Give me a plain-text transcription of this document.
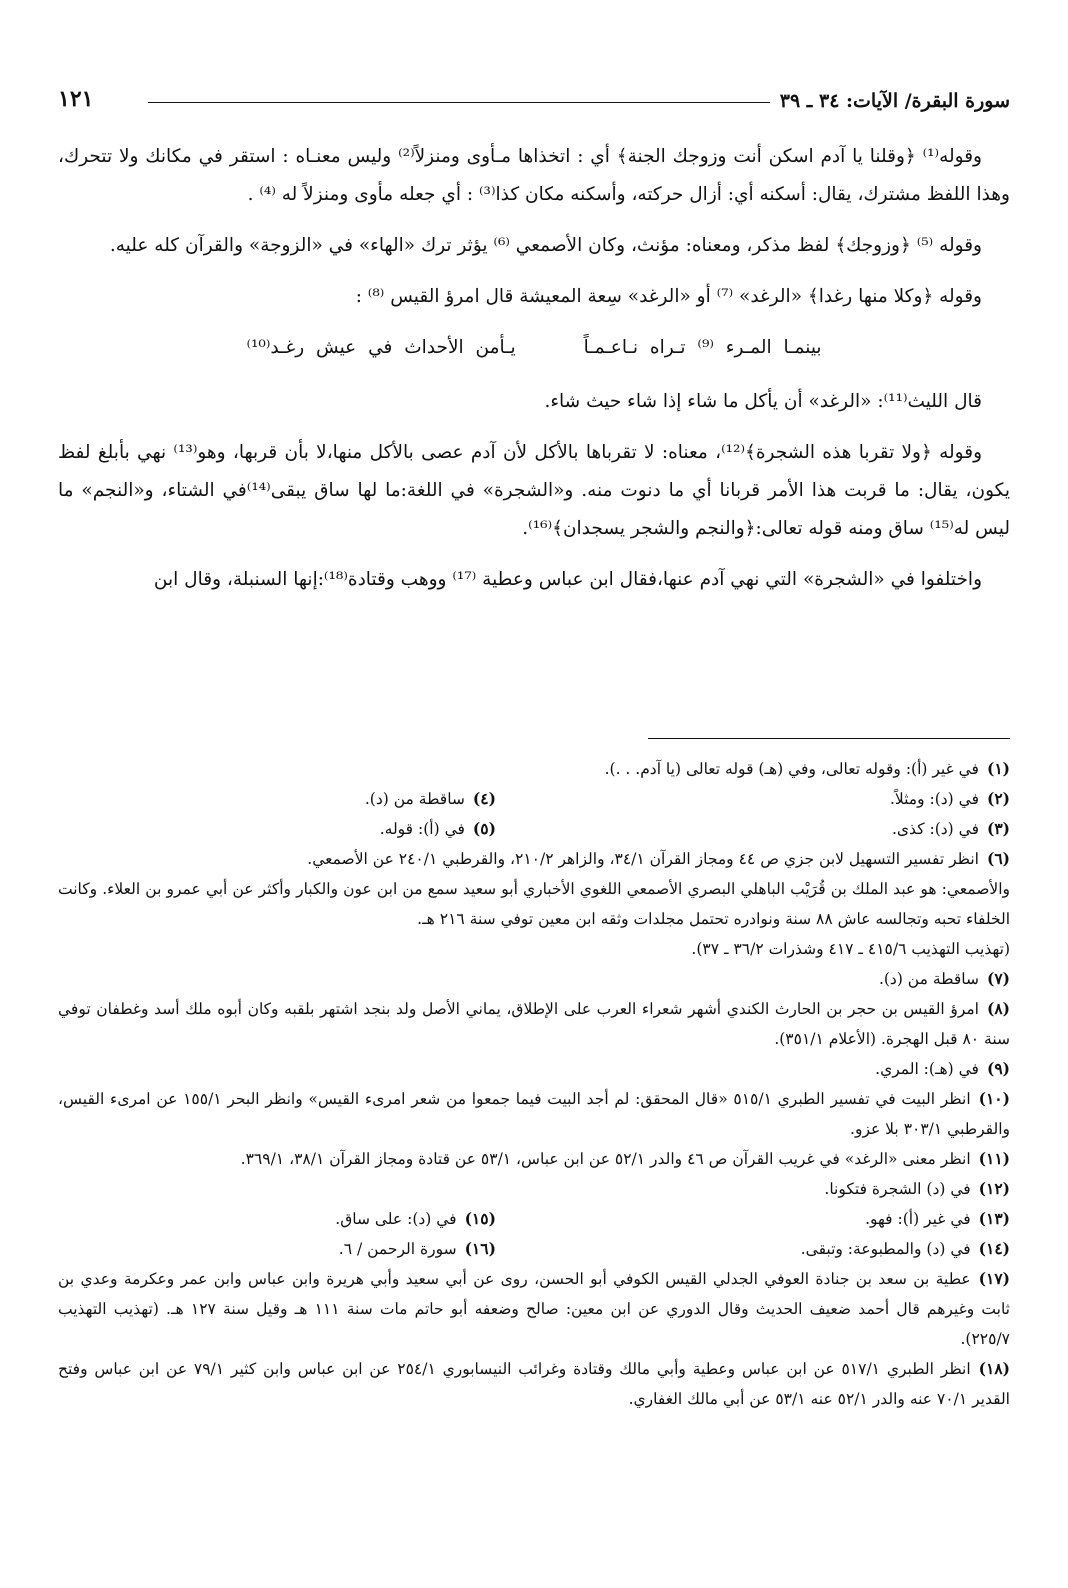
سورة البقرة/ الآيات: ٣٤ ـ ٣٩
١٢١

وقوله⁽¹⁾ ﴿وقلنا يا آدم اسكن أنت وزوجك الجنة﴾ أي : اتخذاها مـأوى ومنزلاً⁽²⁾ وليس معنـاه : استقر في مكانك ولا تتحرك، وهذا اللفظ مشترك، يقال: أسكنه أي: أزال حركته، وأسكنه مكان كذا⁽³⁾ : أي جعله مأوى ومنزلاً له ⁽⁴⁾ .

وقوله ⁽⁵⁾ ﴿وزوجك﴾ لفظ مذكر، ومعناه: مؤنث، وكان الأصمعي ⁽⁶⁾ يؤثر ترك «الهاء» في «الزوجة» والقرآن كله عليه.

وقوله ﴿وكلا منها رغدا﴾ «الرغد» ⁽⁷⁾ أو «الرغد» سِعة المعيشة قال امرؤ القيس ⁽⁸⁾ :

بينمـا المـرء ⁽⁹⁾ تـراه نـاعـمـاً يـأمن الأحداث في عيش رغـد⁽¹⁰⁾

قال الليث⁽¹¹⁾: «الرغد» أن يأكل ما شاء إذا شاء حيث شاء.

وقوله ﴿ولا تقربا هذه الشجرة﴾⁽¹²⁾، معناه: لا تقرباها بالأكل لأن آدم عصى بالأكل منها،لا بأن قربها، وهو⁽¹³⁾ نهي بأبلغ لفظ يكون، يقال: ما قربت هذا الأمر قربانا أي ما دنوت منه. و«الشجرة» في اللغة:ما لها ساق يبقى⁽¹⁴⁾في الشتاء، و«النجم» ما ليس له⁽¹⁵⁾ ساق ومنه قوله تعالى:﴿والنجم والشجر يسجدان﴾⁽¹⁶⁾.

واختلفوا في «الشجرة» التي نهي آدم عنها،فقال ابن عباس وعطية ⁽¹⁷⁾ ووهب وقتادة⁽¹⁸⁾:إنها السنبلة، وقال ابن

(١)في غير (أ): وقوله تعالى، وفي (هـ) قوله تعالى (يا آدم. . .).

(٢)في (د): ومثلاً.

(٤)ساقطة من (د).

(٣)في (د): كذى.

(٥)في (أ): قوله.

(٦)انظر تفسير التسهيل لابن جزي ص ٤٤ ومجاز القرآن ٣٤/١، والزاهر ٢١٠/٢، والقرطبي ٢٤٠/١ عن الأصمعي.

والأصمعي: هو عبد الملك بن قُرَيْب الباهلي البصري الأصمعي اللغوي الأخباري أبو سعيد سمع من ابن عون والكبار وأكثر عن أبي عمرو بن العلاء. وكانت الخلفاء تحبه وتجالسه عاش ٨٨ سنة ونوادره تحتمل مجلدات وثقه ابن معين توفي سنة ٢١٦ هـ.

(تهذيب التهذيب ٤١٥/٦ ـ ٤١٧ وشذرات ٣٦/٢ ـ ٣٧).

(٧)ساقطة من (د).

(٨)امرؤ القيس بن حجر بن الحارث الكندي أشهر شعراء العرب على الإطلاق، يماني الأصل ولد بنجد اشتهر بلقبه وكان أبوه ملك أسد وغطفان توفي سنة ٨٠ قبل الهجرة. (الأعلام ٣٥١/١).

(٩)في (هـ): المري.

(١٠)انظر البيت في تفسير الطبري ٥١٥/١ «قال المحقق: لم أجد البيت فيما جمعوا من شعر امرىء القيس» وانظر البحر ١٥٥/١ عن امرىء القيس، والقرطبي ٣٠٣/١ بلا عزو.

(١١)انظر معنى «الرغد» في غريب القرآن ص ٤٦ والدر ٥٢/١ عن ابن عباس، ٥٣/١ عن قتادة ومجاز القرآن ٣٨/١، ٣٦٩/١.

(١٢)في (د) الشجرة فتكونا.

(١٣)في غير (أ): فهو.

(١٥)في (د): على ساق.

(١٤)في (د) والمطبوعة: وتبقى.

(١٦)سورة الرحمن / ٦.

(١٧)عطية بن سعد بن جنادة العوفي الجدلي القيس الكوفي أبو الحسن، روى عن أبي سعيد وأبي هريرة وابن عباس وابن عمر وعكرمة وعدي بن ثابت وغيرهم قال أحمد ضعيف الحديث وقال الدوري عن ابن معين: صالح وضعفه أبو حاتم مات سنة ١١١ هـ وقيل سنة ١٢٧ هـ. (تهذيب التهذيب ٢٢٥/٧).

(١٨)انظر الطبري ٥١٧/١ عن ابن عباس وعطية وأبي مالك وقتادة وغرائب النيسابوري ٢٥٤/١ عن ابن عباس وابن كثير ٧٩/١ عن ابن عباس وفتح القدير ٧٠/١ عنه والدر ٥٢/١ عنه ٥٣/١ عن أبي مالك الغفاري.
